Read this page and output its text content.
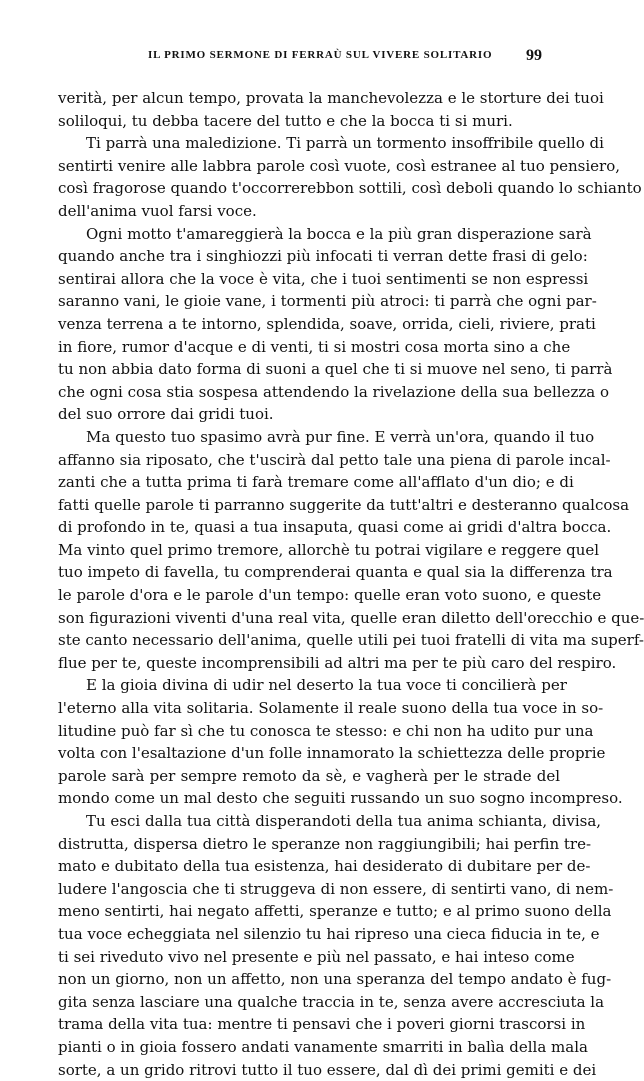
IL PRIMO SERMONE DI FERRAÙ SUL VIVERE SOLITARIO 99
verità, per alcun tempo, provata la manchevolezza e le storture dei tuoi
soliloqui, tu debba tacere del tutto e che la bocca ti si muri.
Ti parrà una maledizione. Ti parrà un tormento insoffribile quello di
sentirti venire alle labbra parole così vuote, così estranee al tuo pensiero,
così fragorose quando t'occorrerebbon sottili, così deboli quando lo schianto
dell'anima vuol farsi voce.
Ogni motto t'amareggierà la bocca e la più gran disperazione sarà
quando anche tra i singhiozzi più infocati ti verran dette frasi di gelo:
sentirai allora che la voce è vita, che i tuoi sentimenti se non espressi
saranno vani, le gioie vane, i tormenti più atroci: ti parrà che ogni par-
venza terrena a te intorno, splendida, soave, orrida, cieli, riviere, prati
in fiore, rumor d'acque e di venti, ti si mostri cosa morta sino a che
tu non abbia dato forma di suoni a quel che ti si muove nel seno, ti parrà
che ogni cosa stia sospesa attendendo la rivelazione della sua bellezza o
del suo orrore dai gridi tuoi.
Ma questo tuo spasimo avrà pur fine. E verrà un'ora, quando il tuo
affanno sia riposato, che t'uscirà dal petto tale una piena di parole incal-
zanti che a tutta prima ti farà tremare come all'afflato d'un dio; e di
fatti quelle parole ti parranno suggerite da tutt'altri e desteranno qualcosa
di profondo in te, quasi a tua insaputa, quasi come ai gridi d'altra bocca.
Ma vinto quel primo tremore, allorchè tu potrai vigilare e reggere quel
tuo impeto di favella, tu comprenderai quanta e qual sia la differenza tra
le parole d'ora e le parole d'un tempo: quelle eran voto suono, e queste
son figurazioni viventi d'una real vita, quelle eran diletto dell'orecchio e que-
ste canto necessario dell'anima, quelle utili pei tuoi fratelli di vita ma superf-
flue per te, queste incomprensibili ad altri ma per te più caro del respiro.
E la gioia divina di udir nel deserto la tua voce ti concilierà per
l'eterno alla vita solitaria. Solamente il reale suono della tua voce in so-
litudine può far sì che tu conosca te stesso: e chi non ha udito pur una
volta con l'esaltazione d'un folle innamorato la schiettezza delle proprie
parole sarà per sempre remoto da sè, e vagherà per le strade del
mondo come un mal desto che seguiti russando un suo sogno incompreso.
Tu esci dalla tua città disperandoti della tua anima schianta, divisa,
distrutta, dispersa dietro le speranze non raggiungibili; hai perfin tre-
mato e dubitato della tua esistenza, hai desiderato di dubitare per de-
ludere l'angoscia che ti struggeva di non essere, di sentirti vano, di nem-
meno sentirti, hai negato affetti, speranze e tutto; e al primo suono della
tua voce echeggiata nel silenzio tu hai ripreso una cieca fiducia in te, e
ti sei riveduto vivo nel presente e più nel passato, e hai inteso come
non un giorno, non un affetto, non una speranza del tempo andato è fug-
gita senza lasciare una qualche traccia in te, senza avere accresciuta la
trama della vita tua: mentre ti pensavi che i poveri giorni trascorsi in
pianti o in gioia fossero andati vanamente smarriti in balìa della mala
sorte, a un grido ritrovi tutto il tuo essere, dal dì dei primi gemiti e dei
